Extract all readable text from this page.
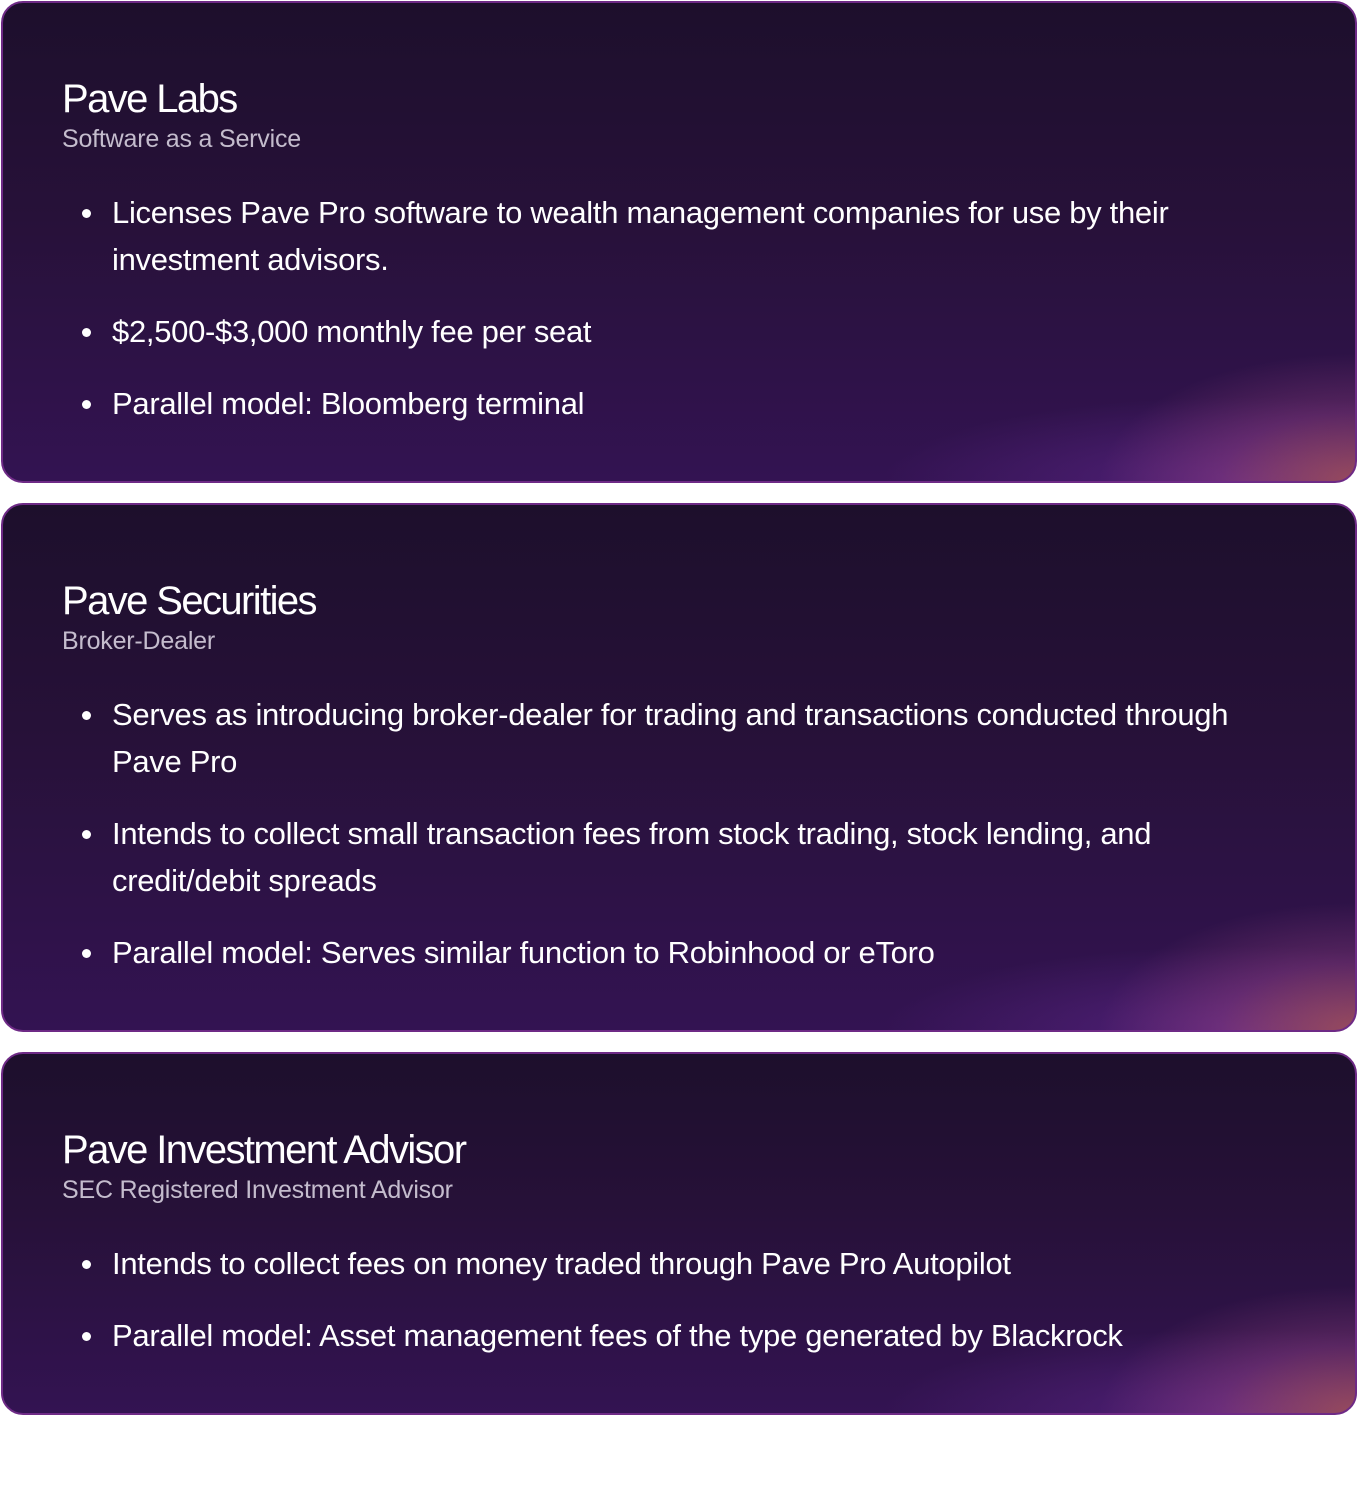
Pave Labs

Software as a Service

Licenses Pave Pro software to wealth management companies for use by their investment advisors.
$2,500-$3,000 monthly fee per seat
Parallel model: Bloomberg terminal
Pave Securities

Broker-Dealer

Serves as introducing broker-dealer for trading and transactions conducted through Pave Pro
Intends to collect small transaction fees from stock trading, stock lending, and credit/debit spreads
Parallel model: Serves similar function to Robinhood or eToro
Pave Investment Advisor

SEC Registered Investment Advisor

Intends to collect fees on money traded through Pave Pro Autopilot
Parallel model: Asset management fees of the type generated by Blackrock
